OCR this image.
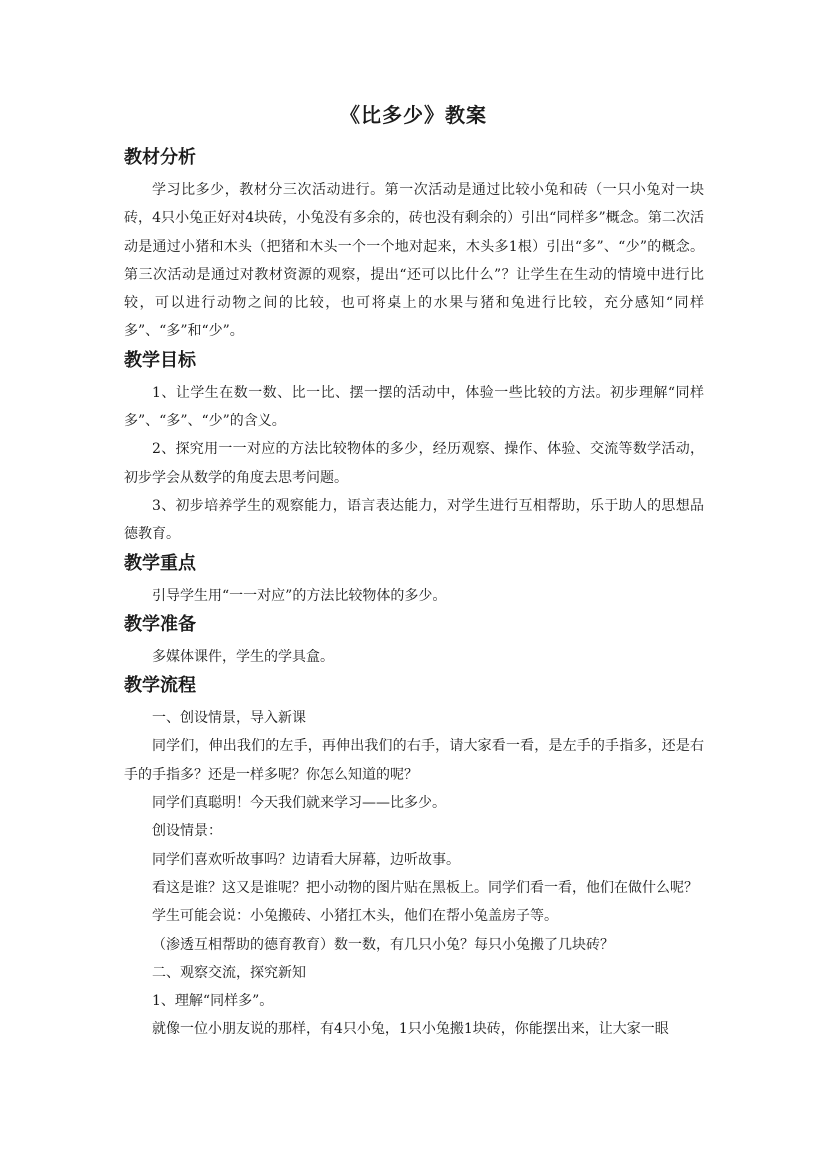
《比多少》教案
教材分析

学习比多少，教材分三次活动进行。第一次活动是通过比较小兔和砖（一只小兔对一块砖，4只小兔正好对4块砖，小兔没有多余的，砖也没有剩余的）引出“同样多”概念。第二次活动是通过小猪和木头（把猪和木头一个一个地对起来，木头多1根）引出“多”、“少”的概念。第三次活动是通过对教材资源的观察，提出“还可以比什么”？让学生在生动的情境中进行比较，可以进行动物之间的比较，也可将桌上的水果与猪和兔进行比较，充分感知“同样多”、“多”和“少”。

教学目标

1、让学生在数一数、比一比、摆一摆的活动中，体验一些比较的方法。初步理解“同样多”、“多”、“少”的含义。

2、探究用一一对应的方法比较物体的多少，经历观察、操作、体验、交流等数学活动，初步学会从数学的角度去思考问题。

3、初步培养学生的观察能力，语言表达能力，对学生进行互相帮助，乐于助人的思想品德教育。

教学重点

引导学生用“一一对应”的方法比较物体的多少。

教学准备

多媒体课件，学生的学具盒。

教学流程

一、创设情景，导入新课

同学们，伸出我们的左手，再伸出我们的右手，请大家看一看，是左手的手指多，还是右手的手指多？还是一样多呢？你怎么知道的呢？

同学们真聪明！今天我们就来学习——比多少。

创设情景：

同学们喜欢听故事吗？边请看大屏幕，边听故事。

看这是谁？这又是谁呢？把小动物的图片贴在黑板上。同学们看一看，他们在做什么呢？

学生可能会说：小兔搬砖、小猪扛木头，他们在帮小兔盖房子等。

（渗透互相帮助的德育教育）数一数，有几只小兔？每只小兔搬了几块砖？

二、观察交流，探究新知

1、理解“同样多”。

就像一位小朋友说的那样，有4只小兔，1只小兔搬1块砖，你能摆出来，让大家一眼
